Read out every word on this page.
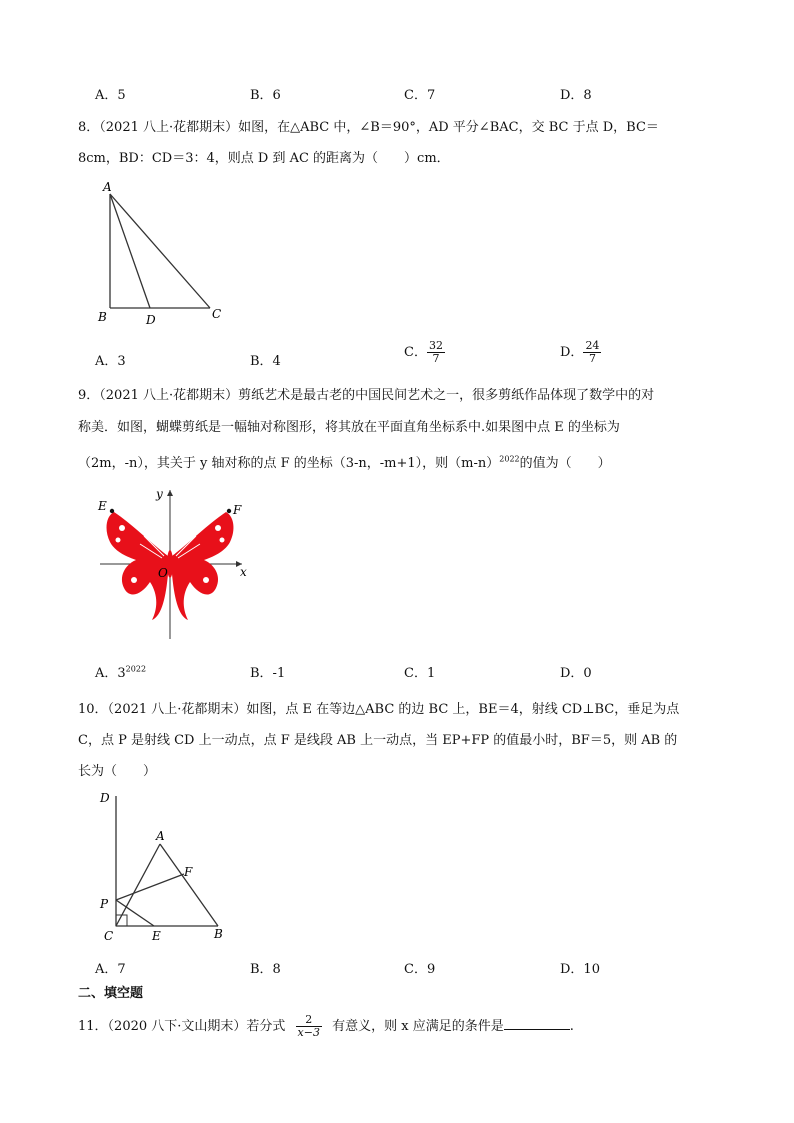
A．5	B．6	C．7	D．8
8．（2021 八上·花都期末）如图，在△ABC 中，∠B＝90°，AD 平分∠BAC，交 BC 于点 D，BC＝
8cm，BD：CD＝3：4，则点 D 到 AC 的距离为（　　）cm．
A
B	D	C
A．3	B．4
C． $\frac{32}{7}$	D． $\frac{24}{7}$
9．（2021 八上·花都期末）剪纸艺术是最古老的中国民间艺术之一，很多剪纸作品体现了数学中的对
称美．如图，蝴蝶剪纸是一幅轴对称图形，将其放在平面直角坐标系中.如果图中点 E 的坐标为
（2m，-n），其关于 y 轴对称的点 F 的坐标（3-n，-m+1），则$(m-n)^{2022}$的值为（　　）
E	F
O	x
y
A．$3^{2022}$	B．-1	C．1	D．0
10．（2021 八上·花都期末）如图，点 E 在等边△ABC 的边 BC 上，BE＝4，射线 CD⊥BC，垂足为点
C，点 P 是射线 CD 上一动点，点 F 是线段 AB 上一动点，当 EP+FP 的值最小时，BF＝5，则 AB 的
长为（　　）
D
A
F
P
C	E	B
A．7	B．8	C．9	D．10
二、填空题
11．（2020 八下·文山期末）若分式 $\frac{2}{x-3}$ 有意义，则 x 应满足的条件是	.
